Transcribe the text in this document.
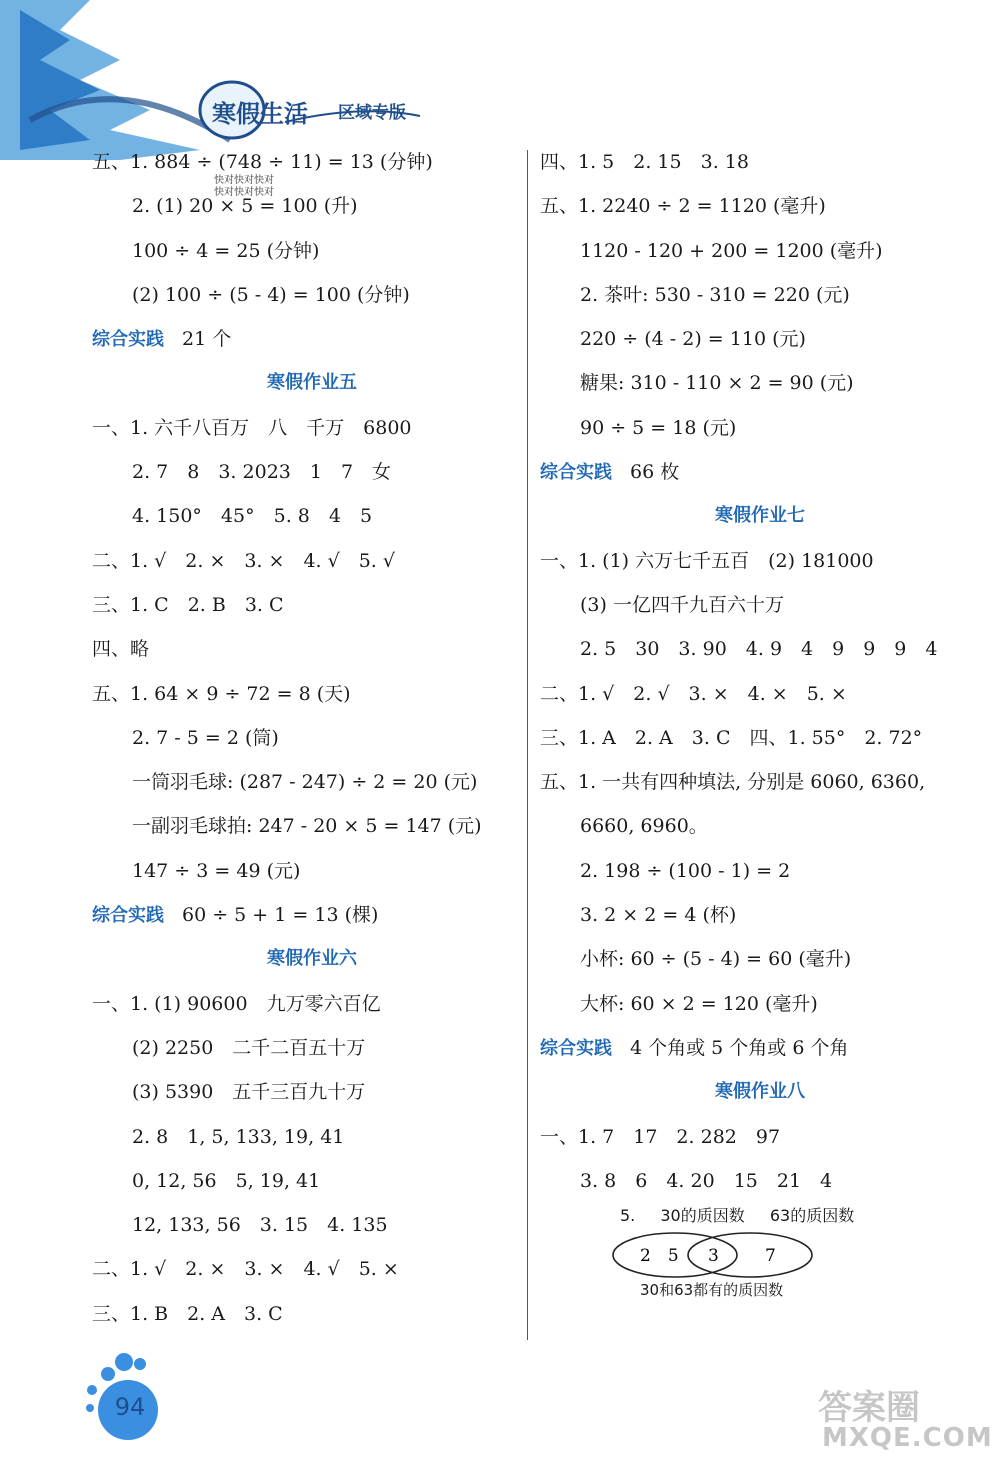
寒假生活 区域专版
快对快对快对
快对快对快对
五、1. 884 ÷ (748 ÷ 11) = 13 (分钟)
2. (1) 20 × 5 = 100 (升)
100 ÷ 4 = 25 (分钟)
(2) 100 ÷ (5 - 4) = 100 (分钟)
综合实践 21 个
寒假作业五
一、1. 六千八百万　八　千万　6800
2. 7　8　3. 2023　1　7　女
4. 150°　45°　5. 8　4　5
二、1. √　2. ×　3. ×　4. √　5. √
三、1. C　2. B　3. C
四、略
五、1. 64 × 9 ÷ 72 = 8 (天)
2. 7 - 5 = 2 (筒)
一筒羽毛球: (287 - 247) ÷ 2 = 20 (元)
一副羽毛球拍: 247 - 20 × 5 = 147 (元)
147 ÷ 3 = 49 (元)
综合实践 60 ÷ 5 + 1 = 13 (棵)
寒假作业六
一、1. (1) 90600　九万零六百亿
(2) 2250　二千二百五十万
(3) 5390　五千三百九十万
2. 8　1, 5, 133, 19, 41
0, 12, 56　5, 19, 41
12, 133, 56　3. 15　4. 135
二、1. √　2. ×　3. ×　4. √　5. ×
三、1. B　2. A　3. C
四、1. 5　2. 15　3. 18
五、1. 2240 ÷ 2 = 1120 (毫升)
1120 - 120 + 200 = 1200 (毫升)
2. 茶叶: 530 - 310 = 220 (元)
220 ÷ (4 - 2) = 110 (元)
糖果: 310 - 110 × 2 = 90 (元)
90 ÷ 5 = 18 (元)
综合实践 66 枚
寒假作业七
一、1. (1) 六万七千五百　(2) 181000
(3) 一亿四千九百六十万
2. 5　30　3. 90　4. 9　4　9　9　9　4
二、1. √　2. √　3. ×　4. ×　5. ×
三、1. A　2. A　3. C　四、1. 55°　2. 72°
五、1. 一共有四种填法, 分别是 6060, 6360,
6660, 6960。
2. 198 ÷ (100 - 1) = 2
3. 2 × 2 = 4 (杯)
小杯: 60 ÷ (5 - 4) = 60 (毫升)
大杯: 60 × 2 = 120 (毫升)
综合实践 4 个角或 5 个角或 6 个角
寒假作业八
一、1. 7　17　2. 282　97
3. 8　6　4. 20　15　21　4
5. 30的质因数 63的质因数
2　5 3	7
30和63都有的质因数
94	答案圈
MXQE.COM
